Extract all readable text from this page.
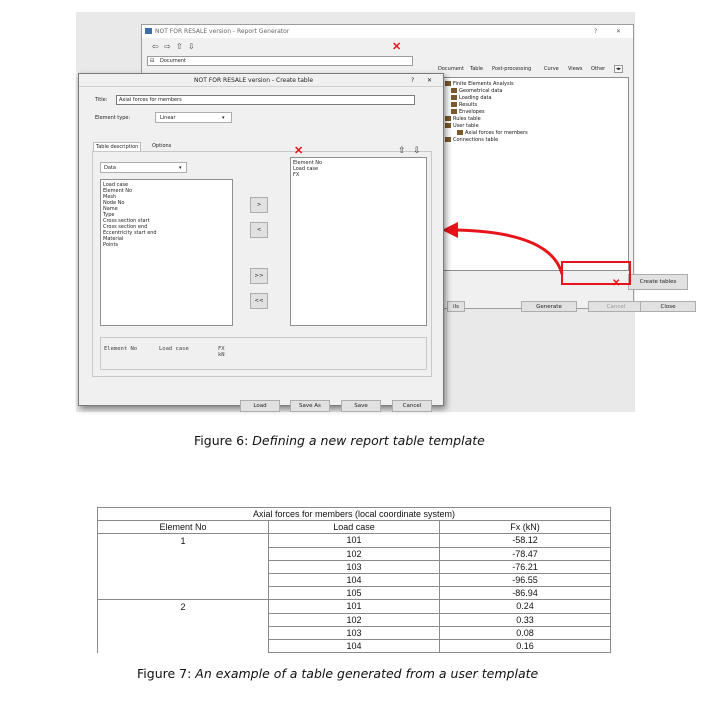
NOT FOR RESALE version - Report Generator	?	✕
⇦ ⇨ ⇧ ⇩	✕
⊟ Document
Document Table Post-processing	Curve Views Other	◂▸
Finite Elements Analysis
Geometrical data
Loading data
Results
Envelopes
Rules table
User table
Axial forces for members
Connections table
✕	Create tables
ils	Generate	Cancel	Close
NOT FOR RESALE version - Create table	? ✕
Title: Axial forces for members
Element type:	Linear	▾
Table description	Options
Data	▾
Load case
Element No
Mesh
Node No
Name
Type
Cross section start
Cross section end
Eccentricity start end
Material
Points
>
<
>>
<<
✕	⇧ ⇩
Element No
Load case
FX
Element No	Load case	FX
kN
Load	Save As	Save	Cancel
Figure 6: Defining a new report table template
Axial forces for members (local coordinate system)		
Element No	Load case	Fx (kN)
1	101	-58.12
	102	-78.47
	103	-76.21
	104	-96.55
	105	-86.94
2	101	0.24
	102	0.33
	103	0.08
	104	0.16
Figure 7: An example of a table generated from a user template
